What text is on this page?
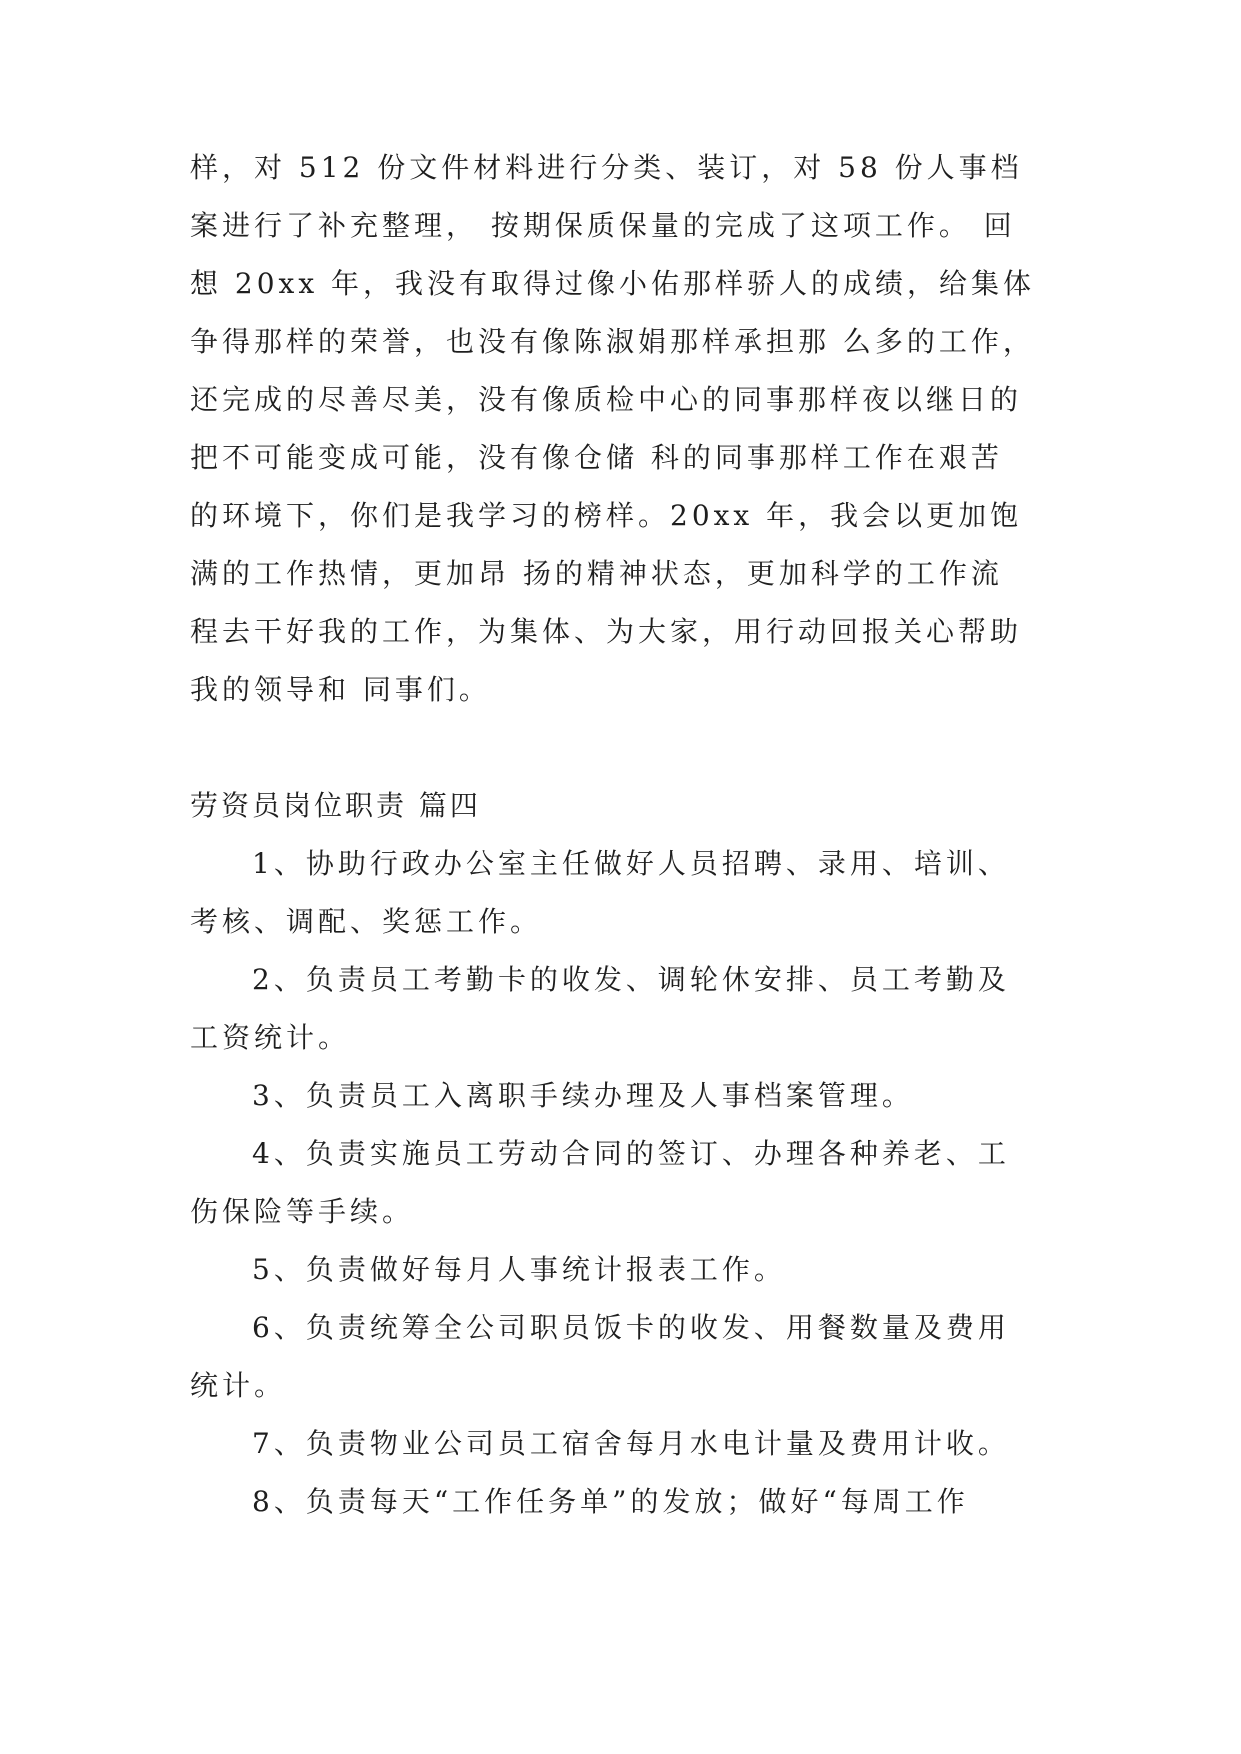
样，对 512 份文件材料进行分类、装订，对 58 份人事档
案进行了补充整理， 按期保质保量的完成了这项工作。 回
想 20xx 年，我没有取得过像小佑那样骄人的成绩，给集体
争得那样的荣誉，也没有像陈淑娟那样承担那 么多的工作，
还完成的尽善尽美，没有像质检中心的同事那样夜以继日的
把不可能变成可能，没有像仓储 科的同事那样工作在艰苦
的环境下，你们是我学习的榜样。20xx 年，我会以更加饱
满的工作热情，更加昂 扬的精神状态，更加科学的工作流
程去干好我的工作，为集体、为大家，用行动回报关心帮助
我的领导和 同事们。
劳资员岗位职责 篇四
1、协助行政办公室主任做好人员招聘、录用、培训、
考核、调配、奖惩工作。
2、负责员工考勤卡的收发、调轮休安排、员工考勤及
工资统计。
3、负责员工入离职手续办理及人事档案管理。
4、负责实施员工劳动合同的签订、办理各种养老、工
伤保险等手续。
5、负责做好每月人事统计报表工作。
6、负责统筹全公司职员饭卡的收发、用餐数量及费用
统计。
7、负责物业公司员工宿舍每月水电计量及费用计收。
8、负责每天“工作任务单”的发放；做好“每周工作
